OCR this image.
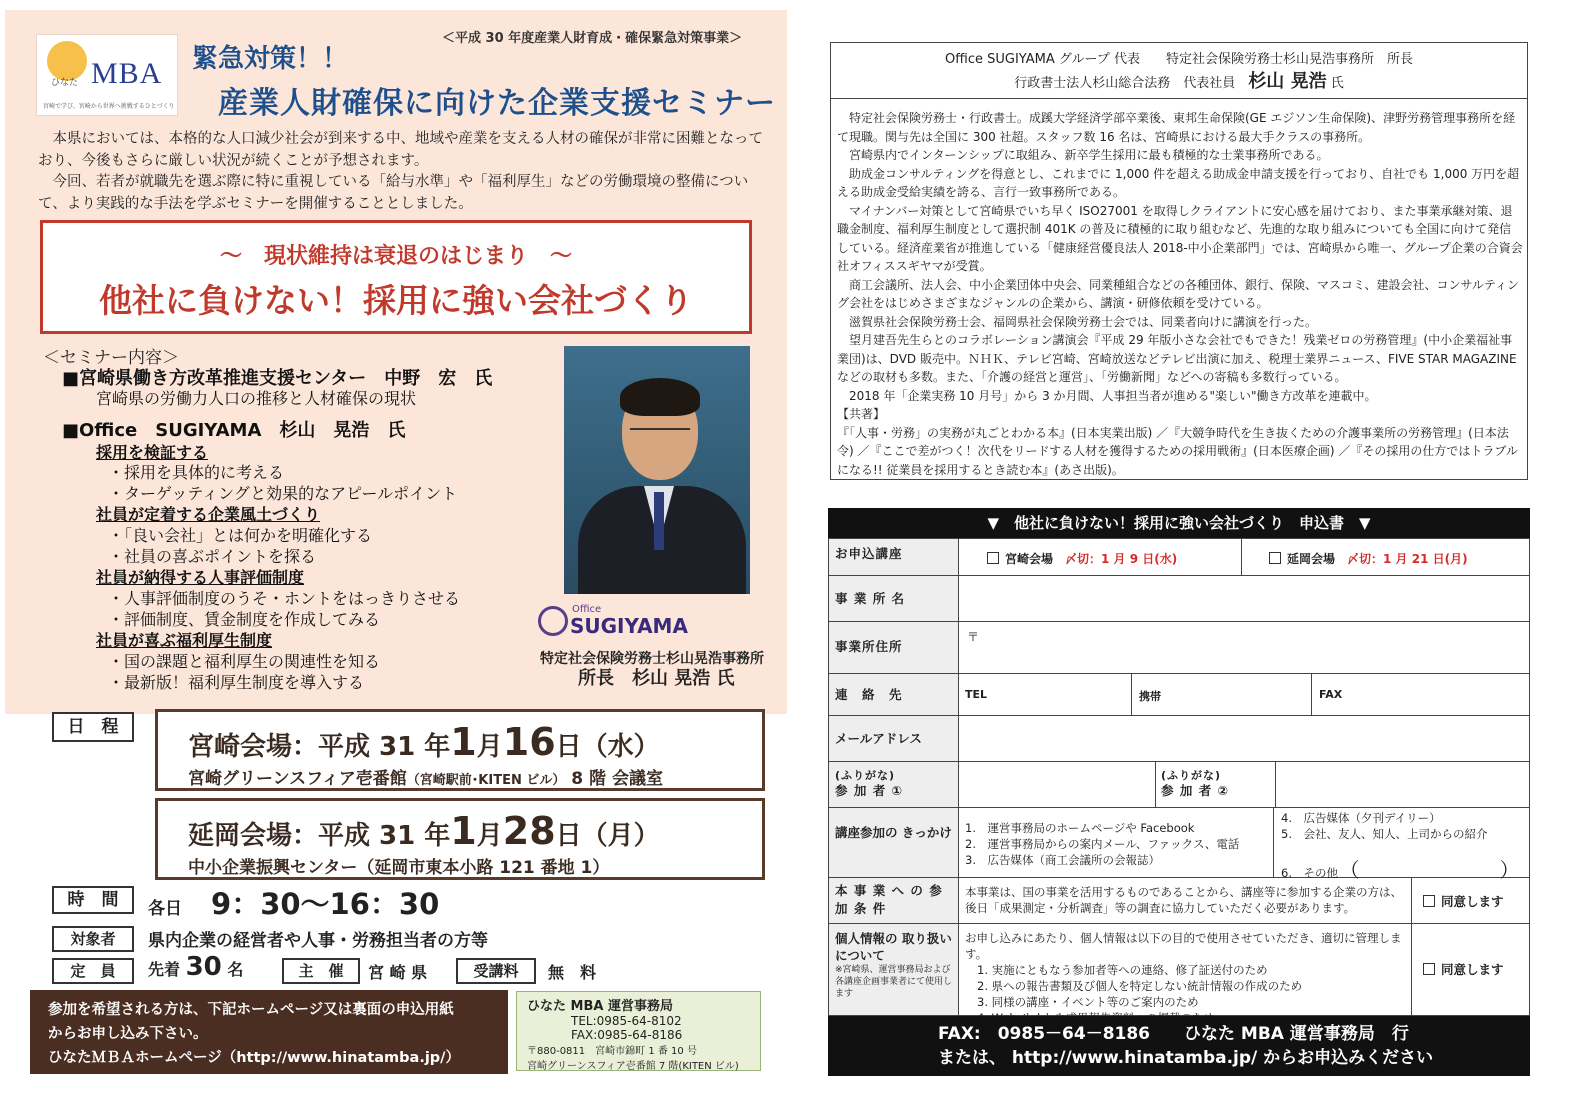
ひなた MBA
宮崎で学び、宮崎から世界へ挑戦するひとづくり
＜平成 30 年度産業人財育成・確保緊急対策事業＞
緊急対策！！
産業人財確保に向けた企業支援セミナー

本県においては、本格的な人口減少社会が到来する中、地域や産業を支える人材の確保が非常に困難となっており、今後もさらに厳しい状況が続くことが予想されます。

今回、若者が就職先を選ぶ際に特に重視している「給与水準」や「福利厚生」などの労働環境の整備について、より実践的な手法を学ぶセミナーを開催することとしました。

～　現状維持は衰退のはじまり　～
他社に負けない！採用に強い会社づくり
＜セミナー内容＞
■宮崎県働き方改革推進支援センター　中野　宏　氏
宮崎県の労働力人口の推移と人材確保の現状
■Office　SUGIYAMA　杉山　晃浩　氏
採用を検証する
・採用を具体的に考える
・ターゲッティングと効果的なアピールポイント
社員が定着する企業風土づくり
・「良い会社」とは何かを明確化する
・社員の喜ぶポイントを探る
社員が納得する人事評価制度
・人事評価制度のうそ・ホントをはっきりさせる
・評価制度、賃金制度を作成してみる
社員が喜ぶ福利厚生制度
・国の課題と福利厚生の関連性を知る
・最新版！福利厚生制度を導入する
Office
SUGIYAMA
特定社会保険労務士杉山晃浩事務所
所長　杉山 晃浩 氏
日　程
宮崎会場：平成 31 年1月16日（水）
宮崎グリーンスフィア壱番館（宮崎駅前･KITEN ビル） 8 階 会議室
延岡会場：平成 31 年1月28日（月）
中小企業振興センター（延岡市東本小路 121 番地 1）
時　間	各日　 9：30～16：30
対象者	県内企業の経営者や人事・労務担当者の方等
定　員	先着 30 名	主　催	宮 崎 県	受講料	無　料
参加を希望される方は、下記ホームページ又は裏面の申込用紙
からお申し込み下さい。
ひなたＭＢＡホームページ（http://www.hinatamba.jp/）
ひなた MBA 運営事務局
TEL:0985-64-8102
FAX:0985-64-8186
〒880-0811　宮崎市錦町 1 番 10 号
宮崎グリーンスフィア壱番館 7 階(KITEN ビル)
Office SUGIYAMA グループ 代表　　特定社会保険労務士杉山晃浩事務所　所長
行政書士法人杉山総合法務　代表社員　杉山 晃浩 氏

特定社会保険労務士・行政書士。成蹊大学経済学部卒業後、東邦生命保険(GE エジソン生命保険)、津野労務管理事務所を経て現職。関与先は全国に 300 社超。スタッフ数 16 名は、宮崎県における最大手クラスの事務所。

宮崎県内でインターンシップに取組み、新卒学生採用に最も積極的な士業事務所である。

助成金コンサルティングを得意とし、これまでに 1,000 件を超える助成金申請支援を行っており、自社でも 1,000 万円を超える助成金受給実績を誇る、言行一致事務所である。

マイナンバー対策として宮崎県でいち早く ISO27001 を取得しクライアントに安心感を届けており、また事業承継対策、退職金制度、福利厚生制度として選択制 401K の普及に積極的に取り組むなど、先進的な取り組みについても全国に向けて発信している。経済産業省が推進している「健康経営優良法人 2018-中小企業部門」では、宮崎県から唯一、グループ企業の合資会社オフィススギヤマが受賞。

商工会議所、法人会、中小企業団体中央会、同業種組合などの各種団体、銀行、保険、マスコミ、建設会社、コンサルティング会社をはじめさまざまなジャンルの企業から、講演・研修依頼を受けている。

滋賀県社会保険労務士会、福岡県社会保険労務士会では、同業者向けに講演を行った。

望月建吾先生らとのコラボレーション講演会『平成 29 年版小さな会社でもできた！残業ゼロの労務管理』(中小企業福祉事業団)は、DVD 販売中。ＮＨＫ、テレビ宮崎、宮崎放送などテレビ出演に加え、税理士業界ニュース、FIVE STAR MAGAZINE などの取材も多数。また、「介護の経営と運営」、「労働新聞」などへの寄稿も多数行っている。

2018 年「企業実務 10 月号」から 3 か月間、人事担当者が進める"楽しい"働き方改革を連載中。

【共著】
『「人事・労務」の実務が丸ごとわかる本』(日本実業出版) ／『大競争時代を生き抜くための介護事業所の労務管理』(日本法令) ／『ここで差がつく！次代をリードする人材を獲得するための採用戦術』(日本医療企画) ／『その採用の仕方ではトラブルになる!! 従業員を採用するとき読む本』(あさ出版)。
▼　他社に負けない！採用に強い会社づくり　申込書　▼
お申込講座	宮崎会場　 〆切：1 月 9 日(水)	延岡会場　 〆切：1 月 21 日(月)
事 業 所 名
事業所住所
〒
連　絡　先	TEL	携帯	FAX
メールアドレス
(ふりがな)
参 加 者 ①
(ふりがな)
参 加 者 ②
講座参加の きっかけ	1.　運営事務局のホームページや Facebook
2.　運営事務局からの案内メール、ファックス、電話
3.　広告媒体（商工会議所の会報誌）
4.　広告媒体（夕刊デイリー）
5.　会社、友人、知人、上司からの紹介
6.　その他　 （	）
本 事 業 へ の 参 加 条 件
本事業は、国の事業を活用するものであることから、講座等に参加する企業の方は、後日「成果測定・分析調査」等の調査に協力していただく必要があります。	同意します
個人情報の 取り扱いについて
※宮崎県、運営事務局および各講座企画事業者にて使用します
お申し込みにあたり、個人情報は以下の目的で使用させていただき、適切に管理します。
1. 実施にともなう参加者等への連絡、修了証送付のため
2. 県への報告書類及び個人を特定しない統計情報の作成のため
3. 同様の講座・イベント等のご案内のため
同意します
FAX:　0985－64－8186　　ひなた MBA 運営事務局　行
または、 http://www.hinatamba.jp/ からお申込みください
